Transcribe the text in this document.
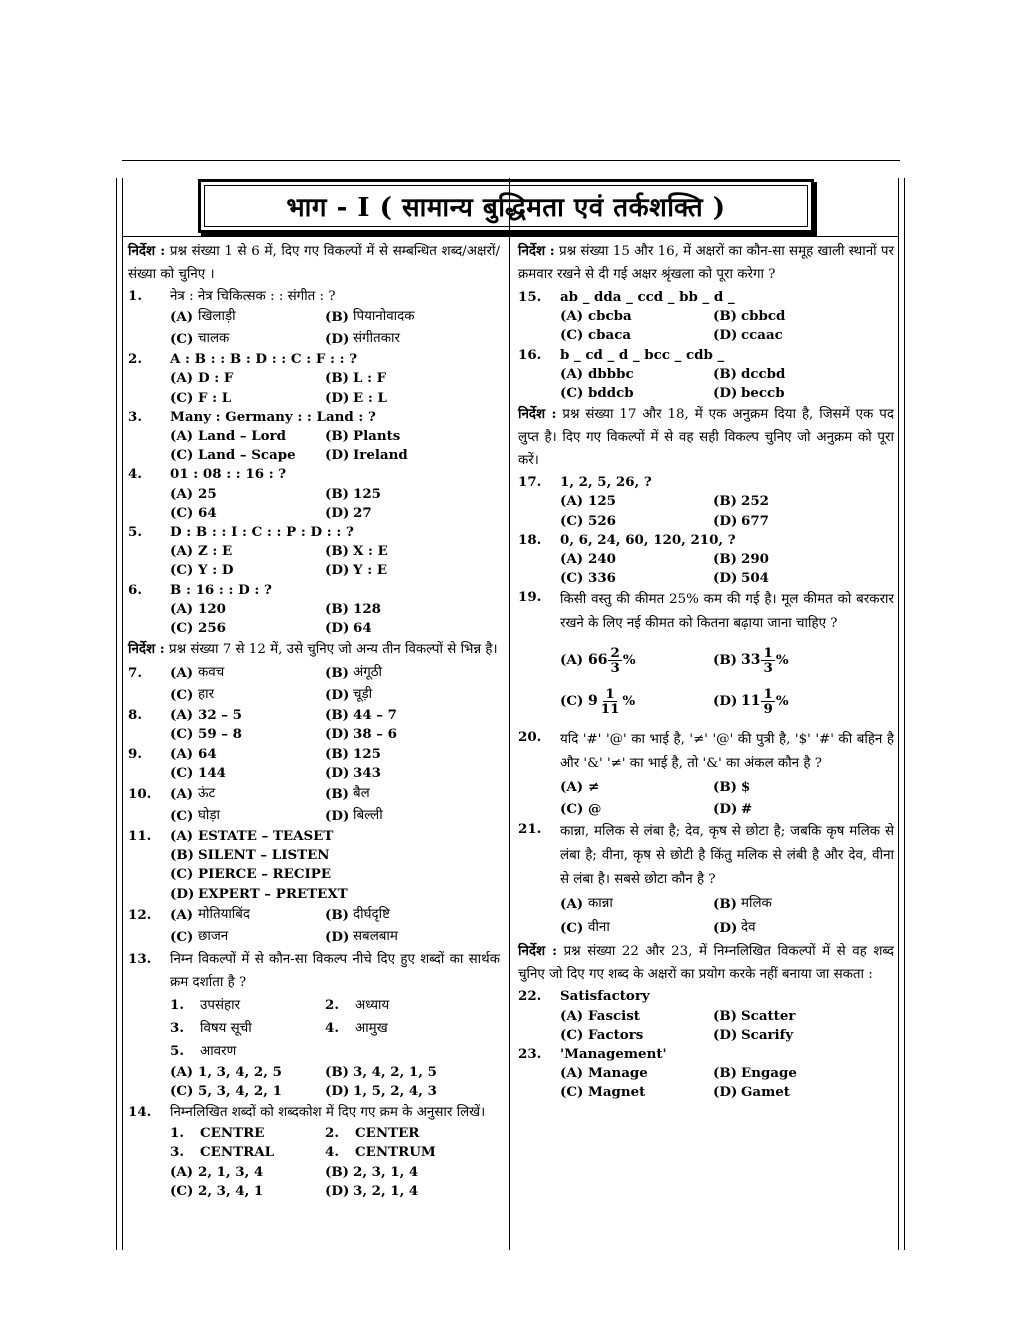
भाग - I ( सामान्य बुद्धिमता एवं तर्कशक्ति )
निर्देश : प्रश्न संख्या 1 से 6 में, दिए गए विकल्पों में से सम्बन्धित शब्द/अक्षरों/संख्या को चुनिए ।
1.	नेत्र : नेत्र चिकित्सक : : संगीत : ?
(A) खिलाड़ी	(B) पियानोवादक
(C) चालक	(D) संगीतकार
2.	A : B : : B : D : : C : F : : ?
(A) D : F	(B) L : F
(C) F : L	(D) E : L
3.	Many : Germany : : Land : ?
(A) Land – Lord	(B) Plants
(C) Land – Scape (D) Ireland
4.	01 : 08 : : 16 : ?
(A) 25	(B) 125
(C) 64	(D) 27
5.	D : B : : I : C : : P : D : : ?
(A) Z : E	(B) X : E
(C) Y : D	(D) Y : E
6.	B : 16 : : D : ?
(A) 120	(B) 128
(C) 256	(D) 64
निर्देश : प्रश्न संख्या 7 से 12 में, उसे चुनिए जो अन्य तीन विकल्पों से भिन्न है।
7.	(A) कवच	(B) अंगूठी
(C) हार	(D) चूड़ी
8.	(A) 32 – 5	(B) 44 – 7
(C) 59 – 8	(D) 38 – 6
9.	(A) 64	(B) 125
(C) 144	(D) 343
10.	(A) ऊंट	(B) बैल
(C) घोड़ा	(D) बिल्ली
11.	(A) ESTATE – TEASET
(B) SILENT – LISTEN
(C) PIERCE – RECIPE
(D) EXPERT – PRETEXT
12.	(A) मोतियाबिंद	(B) दीर्घदृष्टि
(C) छाजन	(D) सबलबाम
13.	निम्न विकल्पों में से कौन-सा विकल्प नीचे दिए हुए शब्दों का सार्थक क्रम दर्शाता है ?
1.	उपसंहार	2.	अध्याय
3.	विषय सूची	4.	आमुख
5.	आवरण
(A) 1, 3, 4, 2, 5	(B) 3, 4, 2, 1, 5
(C) 5, 3, 4, 2, 1	(D) 1, 5, 2, 4, 3
14.	निम्नलिखित शब्दों को शब्दकोश में दिए गए क्रम के अनुसार लिखें।
1.	CENTRE	2.	CENTER
3.	CENTRAL	4.	CENTRUM
(A) 2, 1, 3, 4	(B) 2, 3, 1, 4
(C) 2, 3, 4, 1	(D) 3, 2, 1, 4
निर्देश : प्रश्न संख्या 15 और 16, में अक्षरों का कौन-सा समूह खाली स्थानों पर क्रमवार रखने से दी गई अक्षर श्रृंखला को पूरा करेगा ?
15.	ab _ dda _ ccd _ bb _ d _
(A) cbcba	(B) cbbcd
(C) cbaca	(D) ccaac
16.	b _ cd _ d _ bcc _ cdb _
(A) dbbbc	(B) dccbd
(C) bddcb	(D) beccb
निर्देश : प्रश्न संख्या 17 और 18, में एक अनुक्रम दिया है, जिसमें एक पद लुप्त है। दिए गए विकल्पों में से वह सही विकल्प चुनिए जो अनुक्रम को पूरा करें।
17.	1, 2, 5, 26, ?
(A) 125	(B) 252
(C) 526	(D) 677
18.	0, 6, 24, 60, 120, 210, ?
(A) 240	(B) 290
(C) 336	(D) 504
19.	किसी वस्तु की कीमत 25% कम की गई है। मूल कीमत को बरकरार रखने के लिए नई कीमत को कितना बढ़ाया जाना चाहिए ?
(A) $66 \frac{2}{3}$ %	(B) $33 \frac{1}{3}$ %
(C) $9 \frac{1}{11}$ %	(D) $11 \frac{1}{9}$ %
20.	यदि '#' '@' का भाई है, '≠' '@' की पुत्री है, '$' '#' की बहिन है और '&' '≠' का भाई है, तो '&' का अंकल कौन है ?
(A) ≠	(B) $
(C) @	(D) #
21.	कान्ना, मलिक से लंबा है; देव, कृष से छोटा है; जबकि कृष मलिक से लंबा है; वीना, कृष से छोटी है किंतु मलिक से लंबी है और देव, वीना से लंबा है। सबसे छोटा कौन है ?
(A) कान्ना	(B) मलिक
(C) वीना	(D) देव
निर्देश : प्रश्न संख्या 22 और 23, में निम्नलिखित विकल्पों में से वह शब्द चुनिए जो दिए गए शब्द के अक्षरों का प्रयोग करके नहीं बनाया जा सकता :
22.	Satisfactory
(A) Fascist	(B) Scatter
(C) Factors	(D) Scarify
23.	'Management'
(A) Manage	(B) Engage
(C) Magnet	(D) Gamet
